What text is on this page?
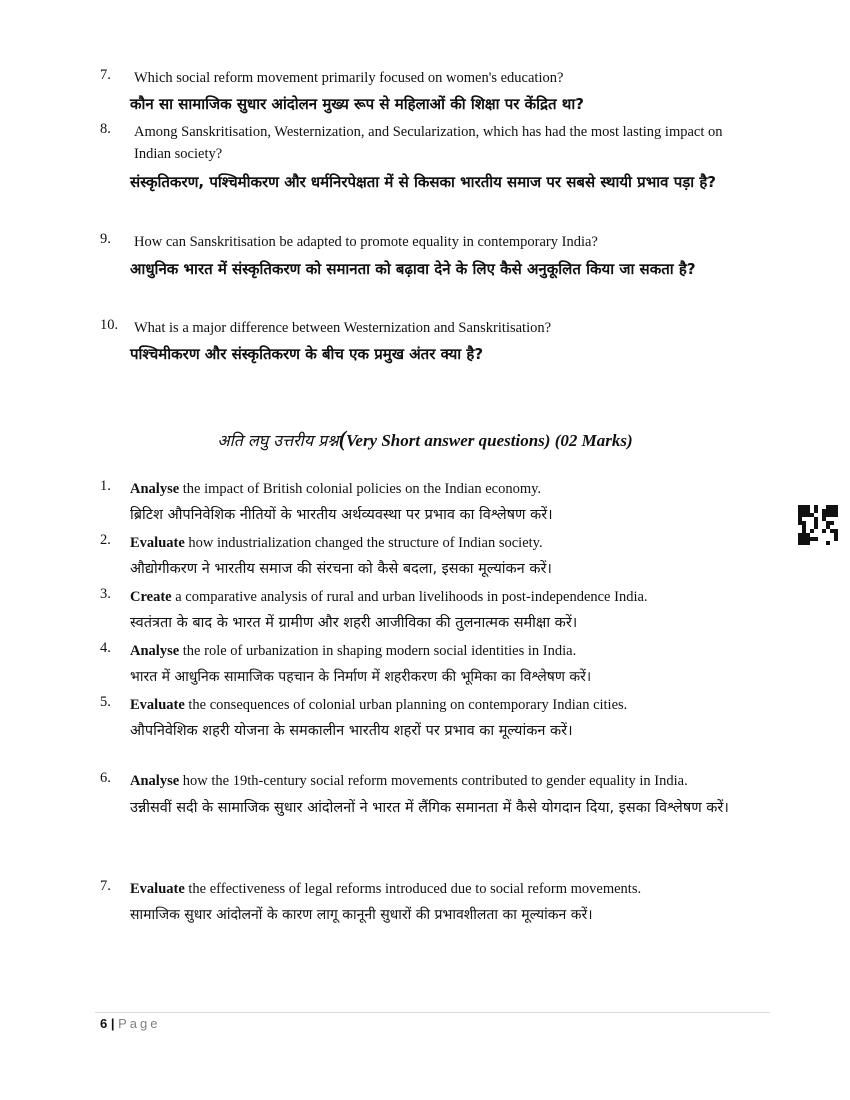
7. Which social reform movement primarily focused on women's education?
कौन सा सामाजिक सुधार आंदोलन मुख्य रूप से महिलाओं की शिक्षा पर केंद्रित था?
8. Among Sanskritisation, Westernization, and Secularization, which has had the most lasting impact on Indian society?
संस्कृतिकरण, पश्चिमीकरण और धर्मनिरपेक्षता में से किसका भारतीय समाज पर सबसे स्थायी प्रभाव पड़ा है?
9. How can Sanskritisation be adapted to promote equality in contemporary India?
आधुनिक भारत में संस्कृतिकरण को समानता को बढ़ावा देने के लिए कैसे अनुकूलित किया जा सकता है?
10. What is a major difference between Westernization and Sanskritisation?
पश्चिमीकरण और संस्कृतिकरण के बीच एक प्रमुख अंतर क्या है?
अति लघु उत्तरीय प्रश्न(Very Short answer questions) (02 Marks)
1. Analyse the impact of British colonial policies on the Indian economy.
ब्रिटिश औपनिवेशिक नीतियों के भारतीय अर्थव्यवस्था पर प्रभाव का विश्लेषण करें।
2. Evaluate how industrialization changed the structure of Indian society.
औद्योगीकरण ने भारतीय समाज की संरचना को कैसे बदला, इसका मूल्यांकन करें।
3. Create a comparative analysis of rural and urban livelihoods in post-independence India.
स्वतंत्रता के बाद के भारत में ग्रामीण और शहरी आजीविका की तुलनात्मक समीक्षा करें।
4. Analyse the role of urbanization in shaping modern social identities in India.
भारत में आधुनिक सामाजिक पहचान के निर्माण में शहरीकरण की भूमिका का विश्लेषण करें।
5. Evaluate the consequences of colonial urban planning on contemporary Indian cities.
औपनिवेशिक शहरी योजना के समकालीन भारतीय शहरों पर प्रभाव का मूल्यांकन करें।
6. Analyse how the 19th-century social reform movements contributed to gender equality in India.
उन्नीसवीं सदी के सामाजिक सुधार आंदोलनों ने भारत में लैंगिक समानता में कैसे योगदान दिया, इसका विश्लेषण करें।
7. Evaluate the effectiveness of legal reforms introduced due to social reform movements.
सामाजिक सुधार आंदोलनों के कारण लागू कानूनी सुधारों की प्रभावशीलता का मूल्यांकन करें।
6 | Page
